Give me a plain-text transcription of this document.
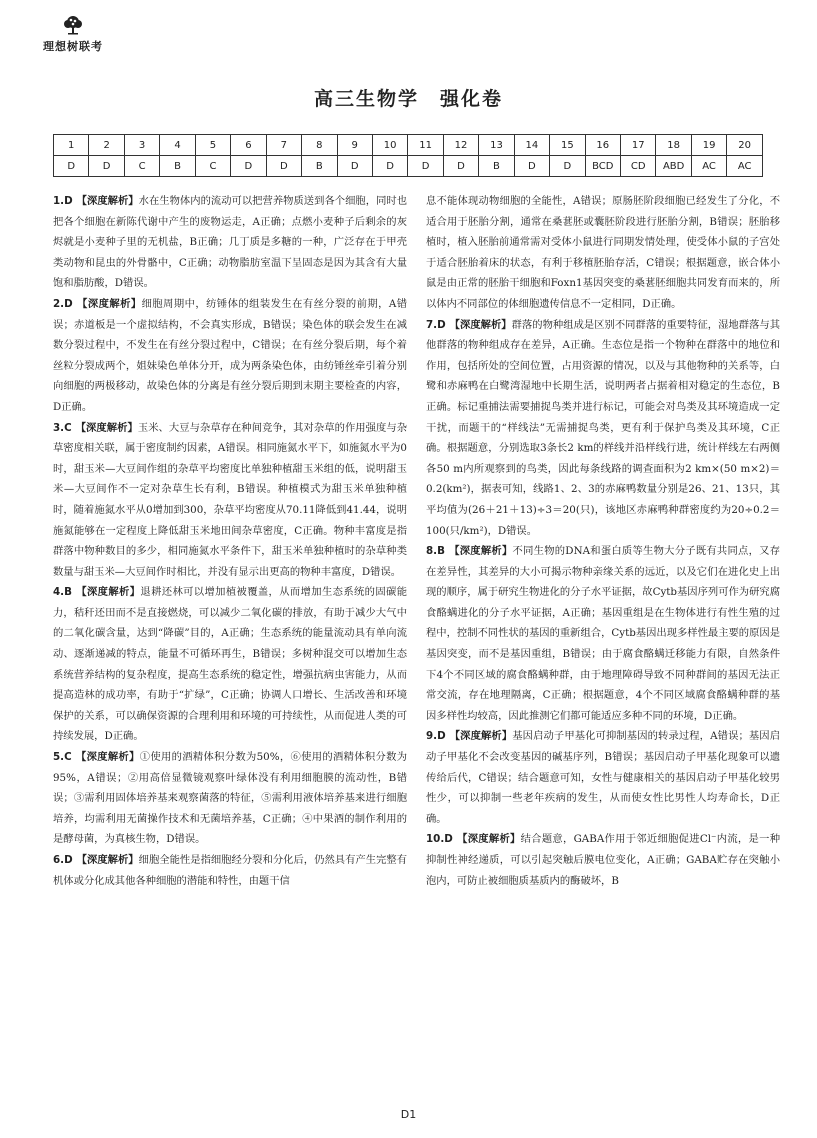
理想树联考
高三生物学　强化卷
1	2	3	4	5	6	7	8	9	10	11	12	13	14	15	16	17	18	19	20
D	D	C	B	C	D	D	B	D	D	D	D	B	D	D	BCD	CD	ABD	AC	AC

1.D 【深度解析】水在生物体内的流动可以把营养物质送到各个细胞，同时也把各个细胞在新陈代谢中产生的废物运走，A正确；点燃小麦种子后剩余的灰烬就是小麦种子里的无机盐，B正确；几丁质是多糖的一种，广泛存在于甲壳类动物和昆虫的外骨骼中，C正确；动物脂肪室温下呈固态是因为其含有大量饱和脂肪酸，D错误。

2.D 【深度解析】细胞周期中，纺锤体的组装发生在有丝分裂的前期，A错误；赤道板是一个虚拟结构，不会真实形成，B错误；染色体的联会发生在减数分裂过程中，不发生在有丝分裂过程中，C错误；在有丝分裂后期，每个着丝粒分裂成两个，姐妹染色单体分开，成为两条染色体，由纺锤丝牵引着分别向细胞的两极移动，故染色体的分离是有丝分裂后期到末期主要检查的内容，D正确。

3.C 【深度解析】玉米、大豆与杂草存在种间竞争，其对杂草的作用强度与杂草密度相关联，属于密度制约因素，A错误。相同施氮水平下，如施氮水平为0时，甜玉米—大豆间作组的杂草平均密度比单独种植甜玉米组的低，说明甜玉米—大豆间作不一定对杂草生长有利，B错误。种植模式为甜玉米单独种植时，随着施氮水平从0增加到300，杂草平均密度从70.11降低到41.44，说明施氮能够在一定程度上降低甜玉米地田间杂草密度，C正确。物种丰富度是指群落中物种数目的多少，相同施氮水平条件下，甜玉米单独种植时的杂草种类数量与甜玉米—大豆间作时相比，并没有显示出更高的物种丰富度，D错误。

4.B 【深度解析】退耕还林可以增加植被覆盖，从而增加生态系统的固碳能力，秸秆还田而不是直接燃烧，可以减少二氧化碳的排放，有助于减少大气中的二氧化碳含量，达到“降碳”目的，A正确；生态系统的能量流动具有单向流动、逐渐递减的特点，能量不可循环再生，B错误；多树种混交可以增加生态系统营养结构的复杂程度，提高生态系统的稳定性，增强抗病虫害能力，从而提高造林的成功率，有助于“扩绿”，C正确；协调人口增长、生活改善和环境保护的关系，可以确保资源的合理利用和环境的可持续性，从而促进人类的可持续发展，D正确。

5.C 【深度解析】①使用的酒精体积分数为50%，⑥使用的酒精体积分数为95%，A错误；②用高倍显微镜观察叶绿体没有利用细胞膜的流动性，B错误；③需利用固体培养基来观察菌落的特征，⑤需利用液体培养基来进行细胞培养，均需利用无菌操作技术和无菌培养基，C正确；④中果酒的制作利用的是酵母菌，为真核生物，D错误。

6.D 【深度解析】细胞全能性是指细胞经分裂和分化后，仍然具有产生完整有机体或分化成其他各种细胞的潜能和特性，由题干信

息不能体现动物细胞的全能性，A错误；原肠胚阶段细胞已经发生了分化，不适合用于胚胎分割，通常在桑葚胚或囊胚阶段进行胚胎分割，B错误；胚胎移植时，植入胚胎前通常需对受体小鼠进行同期发情处理，使受体小鼠的子宫处于适合胚胎着床的状态，有利于移植胚胎存活，C错误；根据题意，嵌合体小鼠是由正常的胚胎干细胞和Foxn1基因突变的桑葚胚细胞共同发育而来的，所以体内不同部位的体细胞遗传信息不一定相同，D正确。

7.D 【深度解析】群落的物种组成是区别不同群落的重要特征，湿地群落与其他群落的物种组成存在差异，A正确。生态位是指一个物种在群落中的地位和作用，包括所处的空间位置，占用资源的情况，以及与其他物种的关系等，白鹭和赤麻鸭在白鹭湾湿地中长期生活，说明两者占据着相对稳定的生态位，B正确。标记重捕法需要捕捉鸟类并进行标记，可能会对鸟类及其环境造成一定干扰，而题干的“样线法”无需捕捉鸟类，更有利于保护鸟类及其环境，C正确。根据题意，分别选取3条长2 km的样线并沿样线行进，统计样线左右两侧各50 m内所观察到的鸟类，因此每条线路的调查面积为2 km×(50 m×2)＝0.2(km²)，据表可知，线路1、2、3的赤麻鸭数量分别是26、21、13只，其平均值为(26＋21＋13)÷3＝20(只)，该地区赤麻鸭种群密度约为20÷0.2＝100(只/km²)，D错误。

8.B 【深度解析】不同生物的DNA和蛋白质等生物大分子既有共同点，又存在差异性，其差异的大小可揭示物种亲缘关系的远近，以及它们在进化史上出现的顺序，属于研究生物进化的分子水平证据，故Cytb基因序列可作为研究腐食酪螨进化的分子水平证据，A正确；基因重组是在生物体进行有性生殖的过程中，控制不同性状的基因的重新组合，Cytb基因出现多样性最主要的原因是基因突变，而不是基因重组，B错误；由于腐食酪螨迁移能力有限，自然条件下4个不同区域的腐食酪螨种群，由于地理障碍导致不同种群间的基因无法正常交流，存在地理隔离，C正确；根据题意，4个不同区域腐食酪螨种群的基因多样性均较高，因此推测它们都可能适应多种不同的环境，D正确。

9.D 【深度解析】基因启动子甲基化可抑制基因的转录过程，A错误；基因启动子甲基化不会改变基因的碱基序列，B错误；基因启动子甲基化现象可以遗传给后代，C错误；结合题意可知，女性与健康相关的基因启动子甲基化较男性少，可以抑制一些老年疾病的发生，从而使女性比男性人均寿命长，D正确。

10.D 【深度解析】结合题意，GABA作用于邻近细胞促进Cl⁻内流，是一种抑制性神经递质，可以引起突触后膜电位变化，A正确；GABA贮存在突触小泡内，可防止被细胞质基质内的酶破坏，B

D1
